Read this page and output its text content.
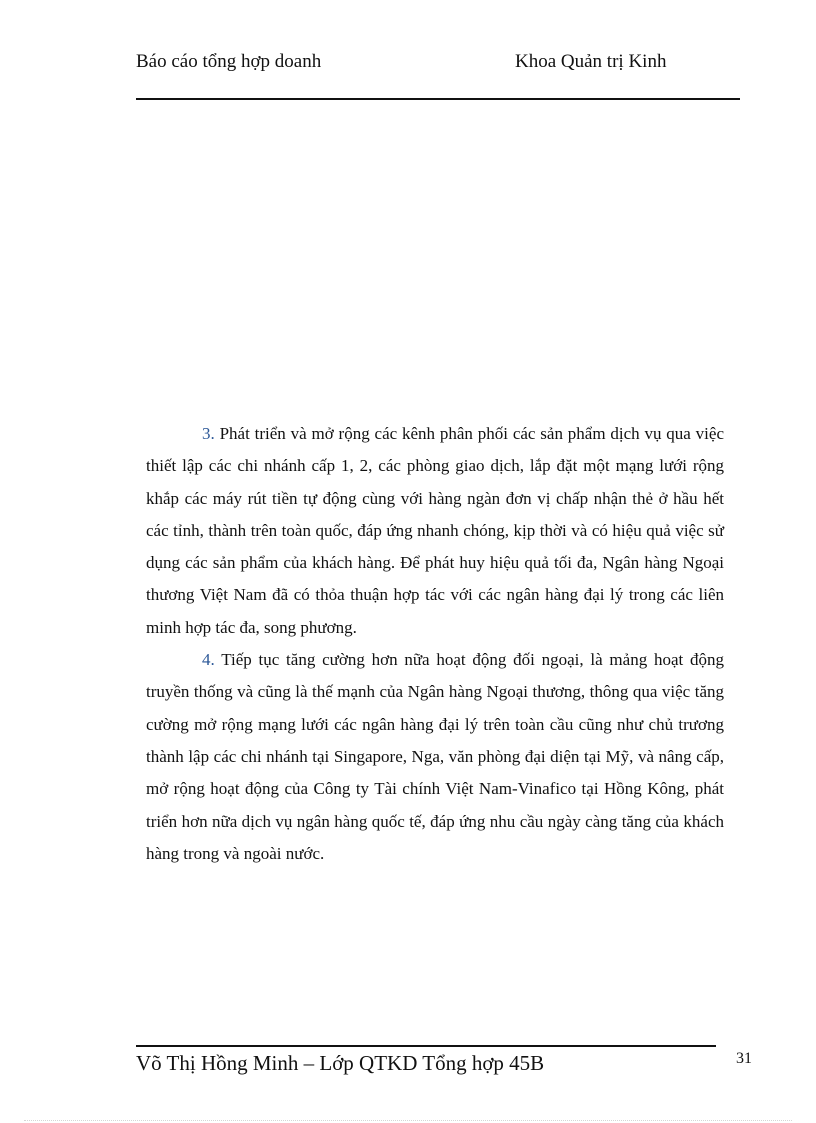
Báo cáo tổng hợp doanh	Khoa Quản trị Kinh

3. Phát triển và mở rộng các kênh phân phối các sản phẩm dịch vụ qua việc thiết lập các chi nhánh cấp 1, 2, các phòng giao dịch, lắp đặt một mạng lưới rộng khắp các máy rút tiền tự động cùng với hàng ngàn đơn vị chấp nhận thẻ ở hầu hết các tỉnh, thành trên toàn quốc, đáp ứng nhanh chóng, kịp thời và có hiệu quả việc sử dụng các sản phẩm của khách hàng. Để phát huy hiệu quả tối đa, Ngân hàng Ngoại thương Việt Nam đã có thỏa thuận hợp tác với các ngân hàng đại lý trong các liên minh hợp tác đa, song phương.

4. Tiếp tục tăng cường hơn nữa hoạt động đối ngoại, là mảng hoạt động truyền thống và cũng là thế mạnh của Ngân hàng Ngoại thương, thông qua việc tăng cường mở rộng mạng lưới các ngân hàng đại lý trên toàn cầu cũng như chủ trương thành lập các chi nhánh tại Singapore, Nga, văn phòng đại diện tại Mỹ, và nâng cấp, mở rộng hoạt động của Công ty Tài chính Việt Nam-Vinafico tại Hồng Kông, phát triển hơn nữa dịch vụ ngân hàng quốc tế, đáp ứng nhu cầu ngày càng tăng của khách hàng trong và ngoài nước.

Võ Thị Hồng Minh – Lớp QTKD Tổng hợp 45B	31
